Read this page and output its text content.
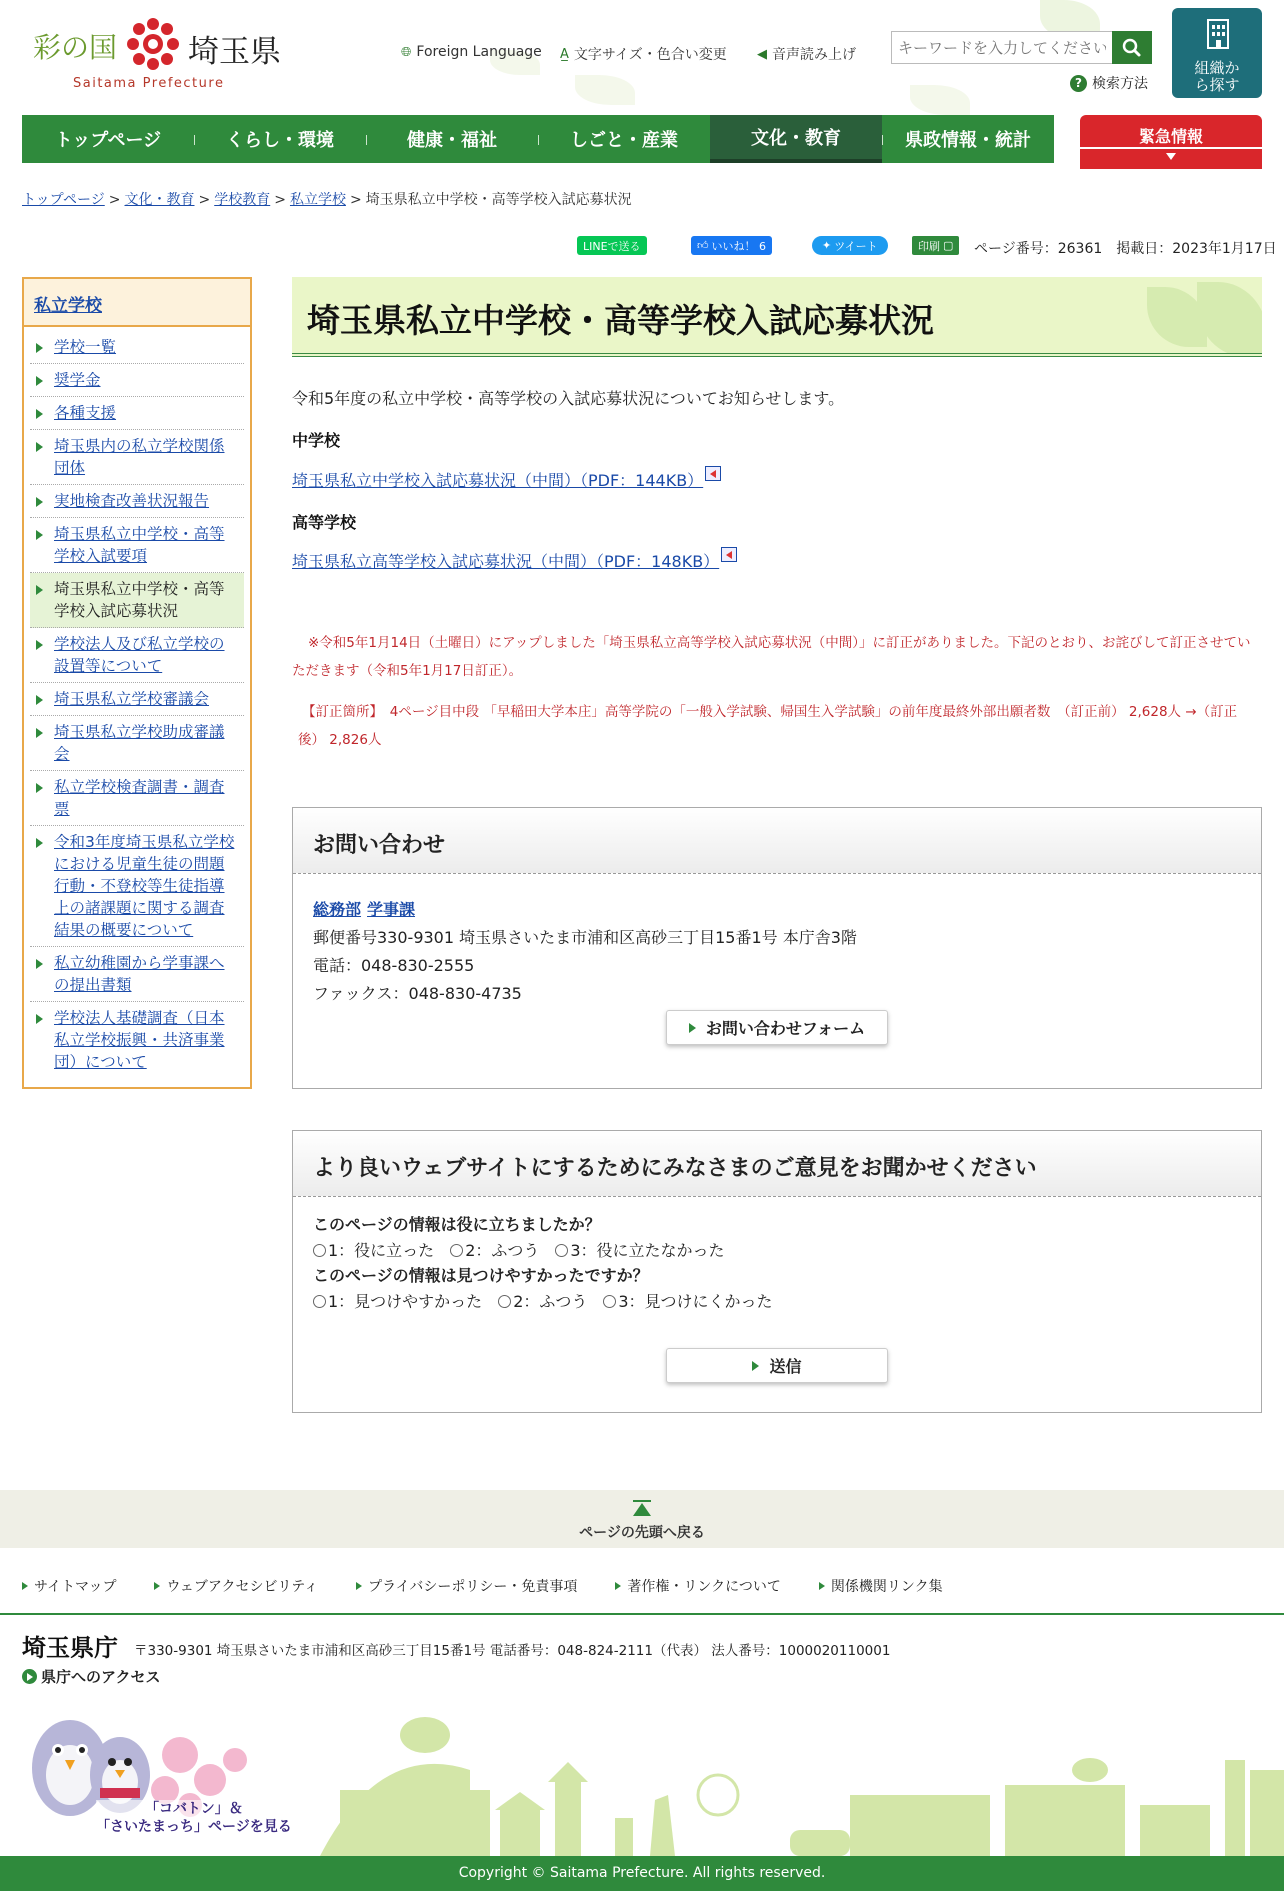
彩の国 埼玉県
Saitama Prefecture
🌐︎ Foreign Language A̲ 文字サイズ・色合い変更 ◀︎ 音声読み上げ
キーワードを入力してください
? 検索方法
組織から探す
トップページ	くらし・環境	健康・福祉	しごと・産業	文化・教育	県政情報・統計	緊急情報
トップページ > 文化・教育 > 学校教育 > 私立学校 > 埼玉県私立中学校・高等学校入試応募状況
LINEで送る	👍︎ いいね！ 6	✦ ツイート	印刷 ▢ ページ番号：26361　掲載日：2023年1月17日
私立学校
学校一覧
奨学金
各種支援
埼玉県内の私立学校関係団体
実地検査改善状況報告
埼玉県私立中学校・高等学校入試要項
埼玉県私立中学校・高等学校入試応募状況
学校法人及び私立学校の設置等について
埼玉県私立学校審議会
埼玉県私立学校助成審議会
私立学校検査調書・調査票
令和3年度埼玉県私立学校における児童生徒の問題行動・不登校等生徒指導上の諸課題に関する調査結果の概要について
私立幼稚園から学事課への提出書類
学校法人基礎調査（日本私立学校振興・共済事業団）について
埼玉県私立中学校・高等学校入試応募状況

令和5年度の私立中学校・高等学校の入試応募状況についてお知らせします。

中学校
埼玉県私立中学校入試応募状況（中間）（PDF：144KB）
高等学校
埼玉県私立高等学校入試応募状況（中間）（PDF：148KB）

※令和5年1月14日（土曜日）にアップしました「埼玉県私立高等学校入試応募状況（中間）」に訂正がありました。下記のとおり、お詫びして訂正させていただきます（令和5年1月17日訂正）。

【訂正箇所】　4ページ目中段 「早稲田大学本庄」高等学院の「一般入学試験、帰国生入学試験」の前年度最終外部出願者数　（訂正前） 2,628人 →（訂正後） 2,826人

お問い合わせ
総務部 学事課
郵便番号330-9301 埼玉県さいたま市浦和区高砂三丁目15番1号 本庁舎3階
電話：048-830-2555
ファックス：048-830-4735
お問い合わせフォーム
より良いウェブサイトにするためにみなさまのご意見をお聞かせください
このページの情報は役に立ちましたか？
1：役に立った	2：ふつう	3：役に立たなかった
このページの情報は見つけやすかったですか？
1：見つけやすかった	2：ふつう	3：見つけにくかった
送信
ページの先頭へ戻る
サイトマップ	ウェブアクセシビリティ	プライバシーポリシー・免責事項	著作権・リンクについて	関係機関リンク集
埼玉県庁 〒330-9301 埼玉県さいたま市浦和区高砂三丁目15番1号 電話番号：048-824-2111（代表） 法人番号：1000020110001
県庁へのアクセス
「コバトン」＆
「さいたまっち」ページを見る
Copyright © Saitama Prefecture. All rights reserved.
